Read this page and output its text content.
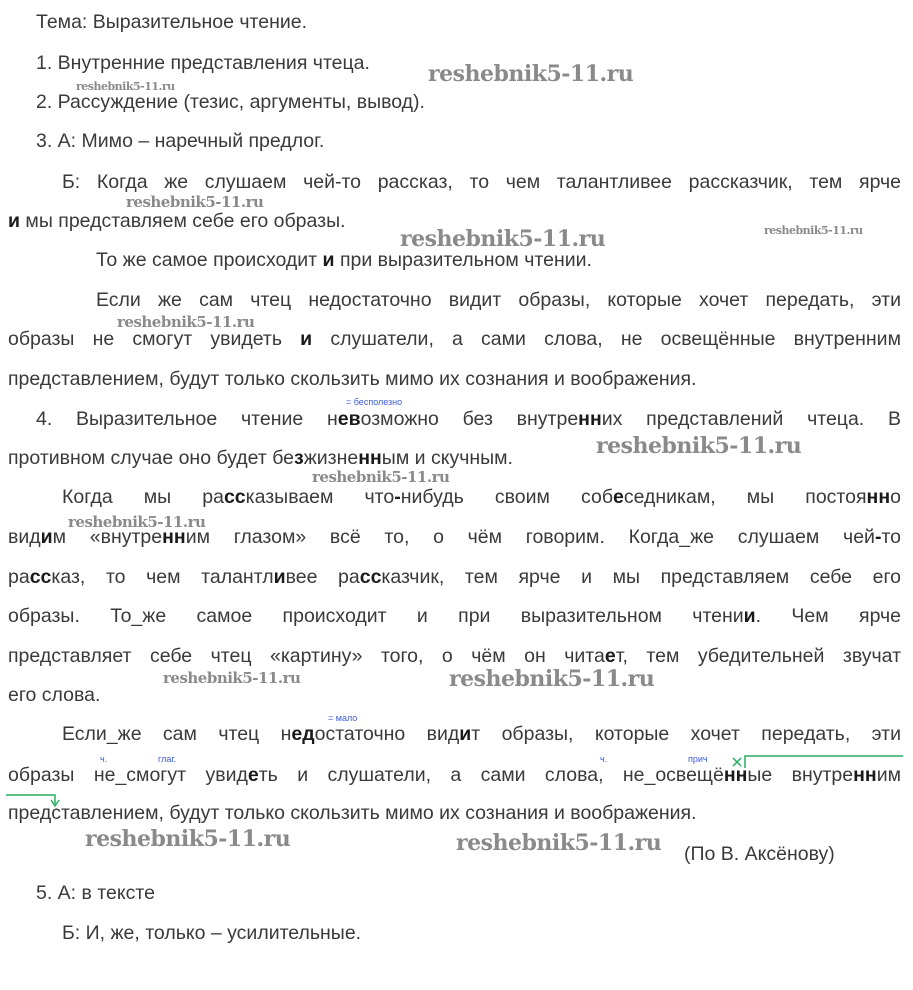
Тема: Выразительное чтение.
1. Внутренние представления чтеца.
2. Рассуждение (тезис, аргументы, вывод).
3. А: Мимо – наречный предлог.
Б: Когда же слушаем чей-то рассказ, то чем талантливее рассказчик, тем ярче
и мы представляем себе его образы.
То же самое происходит и при выразительном чтении.
Если же сам чтец недостаточно видит образы, которые хочет передать, эти
образы не смогут увидеть и слушатели, а сами слова, не освещённые внутренним
представлением, будут только скользить мимо их сознания и воображения.
4. Выразительное чтение невозможно без внутренних представлений чтеца. В
противном случае оно будет безжизненным и скучным.
Когда мы рассказываем что-нибудь своим собеседникам, мы постоянно
видим «внутренним глазом» всё то, о чём говорим. Когда_же слушаем чей-то
рассказ, то чем талантливее рассказчик, тем ярче и мы представляем себе его
образы. То_же самое происходит и при выразительном чтении. Чем ярче
представляет себе чтец «картину» того, о чём он читает, тем убедительней звучат
его слова.
Если_же сам чтец недостаточно видит образы, которые хочет передать, эти
образы не_смогут увидеть и слушатели, а сами слова, не_освещённые внутренним
представлением, будут только скользить мимо их сознания и воображения.
(По В. Аксёнову)
5. А: в тексте
Б: И, же, только – усилительные.
= бесполезно
= мало
ч.	глаг.	ч.	прич
reshebnik5-11.ru
reshebnik5-11.ru
reshebnik5-11.ru
reshebnik5-11.ru	reshebnik5-11.ru
reshebnik5-11.ru
reshebnik5-11.ru
reshebnik5-11.ru
reshebnik5-11.ru
reshebnik5-11.ru	reshebnik5-11.ru
reshebnik5-11.ru	reshebnik5-11.ru
